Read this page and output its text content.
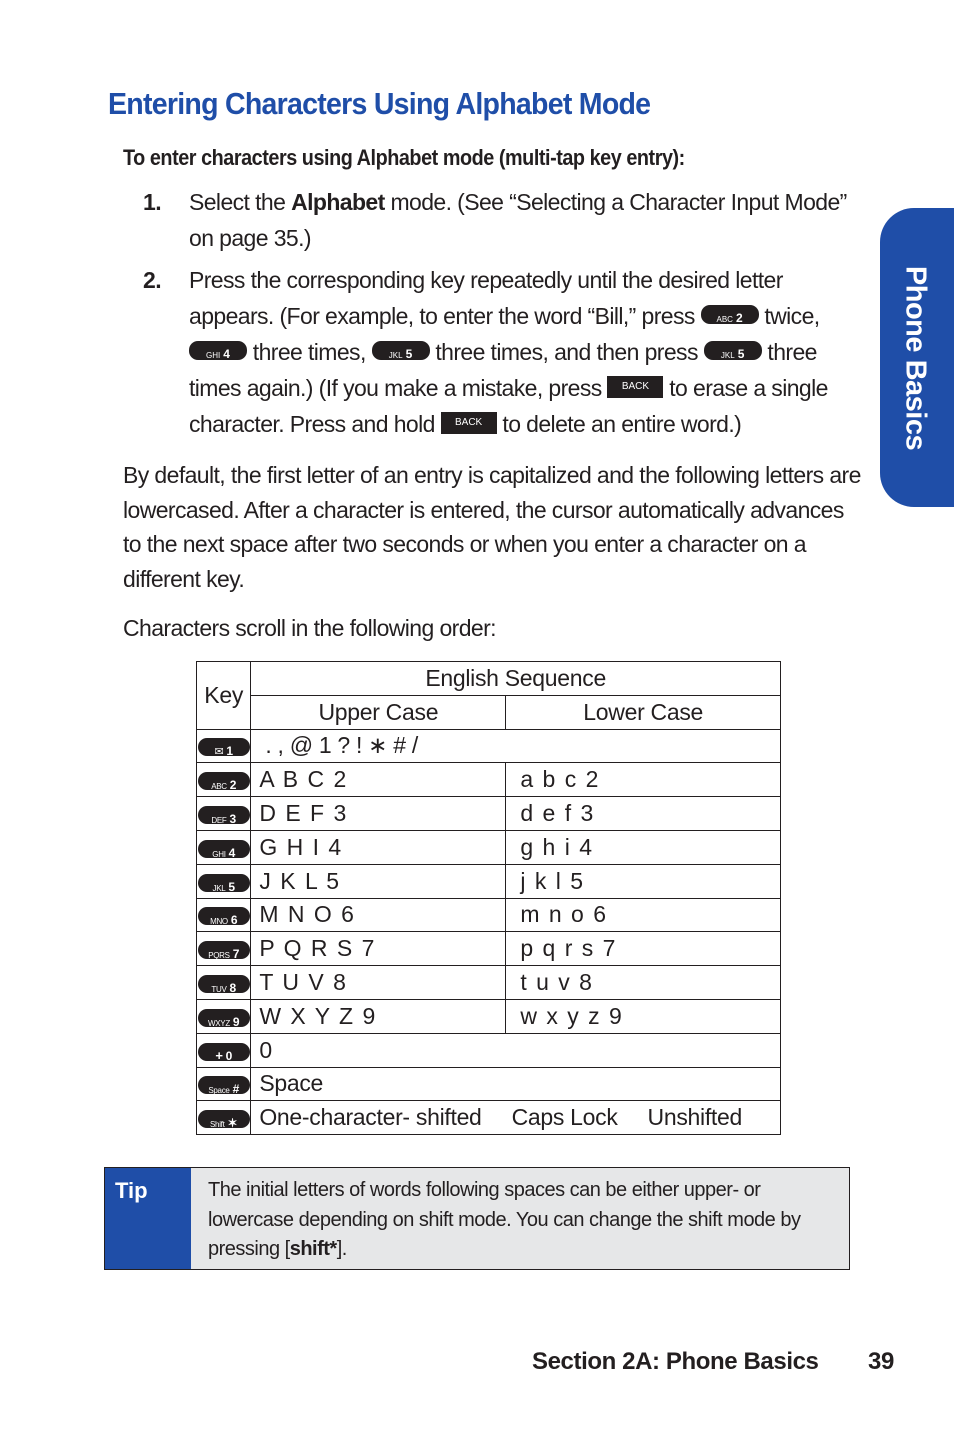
Entering Characters Using Alphabet Mode
To enter characters using Alphabet mode (multi-tap key entry):
1. Select the Alphabet mode. (See “Selecting a Character Input Mode” on page 35.)
2. Press the corresponding key repeatedly until the desired letter appears. (For example, to enter the word “Bill,” press ABC 2 twice, GHI 4 three times, JKL 5 three times, and then press JKL 5 three times again.) (If you make a mistake, press BACK to erase a single character. Press and hold BACK to delete an entire word.)
By default, the first letter of an entry is capitalized and the following letters are lowercased. After a character is entered, the cursor automatically advances to the next space after two seconds or when you enter a character on a different key.
Characters scroll in the following order:
Key	English Sequence	
	Upper Case	Lower Case
✉ 1	. , @ 1 ? ! ∗ # /	
ABC 2	A B C 2	a b c 2
DEF 3	D E F 3	d e f 3
GHI 4	G H I 4	g h i 4
JKL 5	J K L 5	j k l 5
MNO 6	M N O 6	m n o 6
PQRS 7	P Q R S 7	p q r s 7
TUV 8	T U V 8	t u v 8
WXYZ 9	W X Y Z 9	w x y z 9
+ 0	0	
Space #	Space	
Shift ✶	One-character- shifted Caps Lock Unshifted	
Tip	The initial letters of words following spaces can be either upper- or lowercase depending on shift mode. You can change the shift mode by pressing [shift*].
Phone Basics
Section 2A: Phone Basics 39
